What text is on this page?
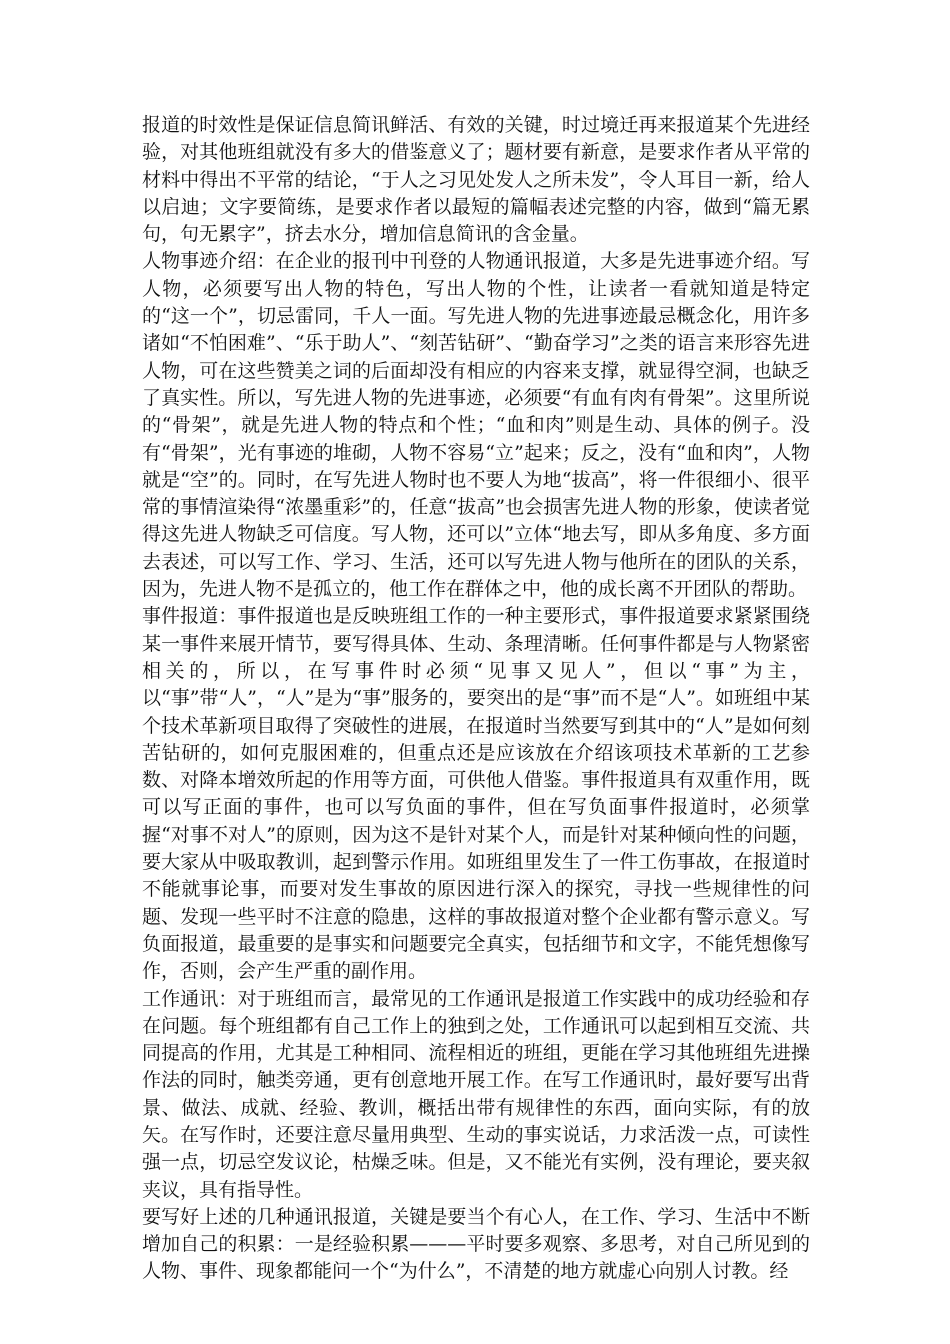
报道的时效性是保证信息简讯鲜活、有效的关键，时过境迁再来报道某个先进经验，对其他班组就没有多大的借鉴意义了；题材要有新意，是要求作者从平常的材料中得出不平常的结论，“于人之习见处发人之所未发”，令人耳目一新，给人以启迪；文字要简练，是要求作者以最短的篇幅表述完整的内容，做到“篇无累句，句无累字”，挤去水分，增加信息简讯的含金量。

人物事迹介绍：在企业的报刊中刊登的人物通讯报道，大多是先进事迹介绍。写人物，必须要写出人物的特色，写出人物的个性，让读者一看就知道是特定的“这一个”，切忌雷同，千人一面。写先进人物的先进事迹最忌概念化，用许多诸如“不怕困难”、“乐于助人”、“刻苦钻研”、“勤奋学习”之类的语言来形容先进人物，可在这些赞美之词的后面却没有相应的内容来支撑，就显得空洞，也缺乏了真实性。所以，写先进人物的先进事迹，必须要“有血有肉有骨架”。这里所说的“骨架”，就是先进人物的特点和个性；“血和肉”则是生动、具体的例子。没有“骨架”，光有事迹的堆砌，人物不容易“立”起来；反之，没有“血和肉”，人物就是“空”的。同时，在写先进人物时也不要人为地“拔高”，将一件很细小、很平常的事情渲染得“浓墨重彩”的，任意“拔高”也会损害先进人物的形象，使读者觉得这先进人物缺乏可信度。写人物，还可以”立体“地去写，即从多角度、多方面去表述，可以写工作、学习、生活，还可以写先进人物与他所在的团队的关系，因为，先进人物不是孤立的，他工作在群体之中，他的成长离不开团队的帮助。

事件报道：事件报道也是反映班组工作的一种主要形式，事件报道要求紧紧围绕某一事件来展开情节，要写得具体、生动、条理清晰。任何事件都是与人物紧密相关的，所以，在写事件时必须“见事又见人”，但以“事”为主，以“事”带“人”，“人”是为“事”服务的，要突出的是“事”而不是“人”。如班组中某个技术革新项目取得了突破性的进展，在报道时当然要写到其中的“人”是如何刻苦钻研的，如何克服困难的，但重点还是应该放在介绍该项技术革新的工艺参数、对降本增效所起的作用等方面，可供他人借鉴。事件报道具有双重作用，既可以写正面的事件，也可以写负面的事件，但在写负面事件报道时，必须掌握“对事不对人”的原则，因为这不是针对某个人，而是针对某种倾向性的问题，要大家从中吸取教训，起到警示作用。如班组里发生了一件工伤事故，在报道时不能就事论事，而要对发生事故的原因进行深入的探究，寻找一些规律性的问题、发现一些平时不注意的隐患，这样的事故报道对整个企业都有警示意义。写负面报道，最重要的是事实和问题要完全真实，包括细节和文字，不能凭想像写作，否则，会产生严重的副作用。

工作通讯：对于班组而言，最常见的工作通讯是报道工作实践中的成功经验和存在问题。每个班组都有自己工作上的独到之处，工作通讯可以起到相互交流、共同提高的作用，尤其是工种相同、流程相近的班组，更能在学习其他班组先进操作法的同时，触类旁通，更有创意地开展工作。在写工作通讯时，最好要写出背景、做法、成就、经验、教训，概括出带有规律性的东西，面向实际，有的放矢。在写作时，还要注意尽量用典型、生动的事实说话，力求活泼一点，可读性强一点，切忌空发议论，枯燥乏味。但是，又不能光有实例，没有理论，要夹叙夹议，具有指导性。

要写好上述的几种通讯报道，关键是要当个有心人，在工作、学习、生活中不断增加自己的积累：一是经验积累———平时要多观察、多思考，对自己所见到的人物、事件、现象都能问一个“为什么”，不清楚的地方就虚心向别人讨教。经
